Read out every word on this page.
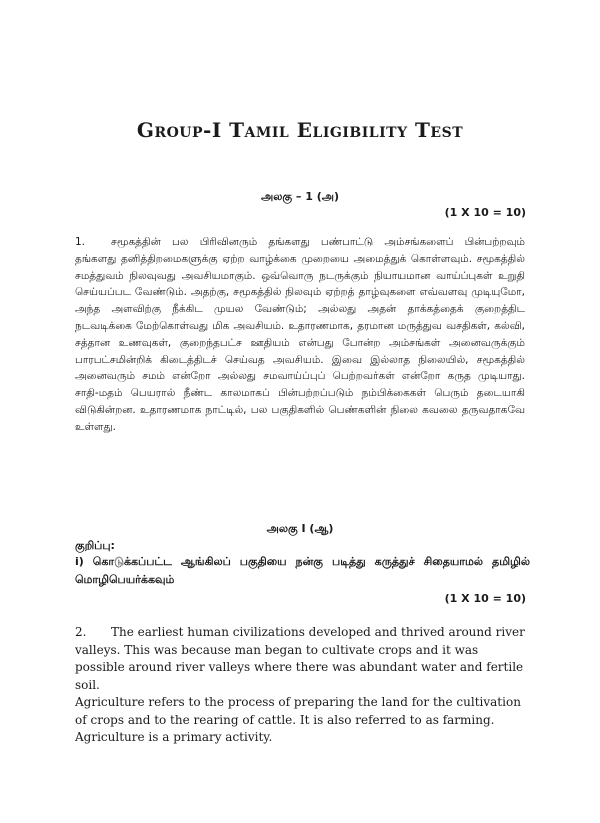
Group-I Tamil Eligibility Test
அலகு – 1 (அ)
(1 X 10 = 10)
1. சமூகத்தின் பல பிரிவினரும் தங்களது பண்பாட்டு அம்சங்களைப் பின்பற்றவும் தங்களது தனித்திறமைகளுக்கு ஏற்ற வாழ்க்கை முறையை அமைத்துக் கொள்ளவும். சமூகத்தில் சமத்துவம் நிலவுவது அவசியமாகும். ஒவ்வொரு நடருக்கும் நியாயமான வாய்ப்புகள் உறுதி செய்யப்பட வேண்டும். அதற்கு, சமூகத்தில் நிலவும் ஏற்றத் தாழ்வுகளை எவ்வளவு முடியுமோ, அந்த அளவிற்கு நீக்கிட முயல வேண்டும்; அல்லது அதன் தாக்கத்தைக் குறைத்திட நடவடிக்கை மேற்கொள்வது மிக அவசியம். உதாரணமாக, தரமான மருத்துவ வசதிகள், கல்வி, சத்தான உணவுகள், குறைந்தபட்ச ஊதியம் என்பது போன்ற அம்சங்கள் அனைவருக்கும் பாரபட்சமின்றிக் கிடைத்திடச் செய்வத அவசியம். இவை இல்லாத நிலையில், சமூகத்தில் அனைவரும் சமம் என்றோ அல்லது சமவாய்ப்புப் பெற்றவர்கள் என்றோ கருத முடியாது. சாதி-மதம் பெயரால் நீண்ட காலமாகப் பின்பற்றப்படும் நம்பிக்கைகள் பெரும் தடையாகி விடுகின்றன. உதாரணமாக நாட்டில், பல பகுதிகளில் பெண்களின் நிலை கவலை தருவதாகவே உள்ளது.
அலகு I (ஆ)
குறிப்பு:
i) கொடுக்கப்பட்ட ஆங்கிலப் பகுதியை நன்கு படித்து கருத்துச் சிதையாமல் தமிழில் மொழிபெயர்க்கவும்
(1 X 10 = 10)

2. The earliest human civilizations developed and thrived around river valleys. This was because man began to cultivate crops and it was possible around river valleys where there was abundant water and fertile soil.

Agriculture refers to the process of preparing the land for the cultivation of crops and to the rearing of cattle. It is also referred to as farming. Agriculture is a primary activity.
